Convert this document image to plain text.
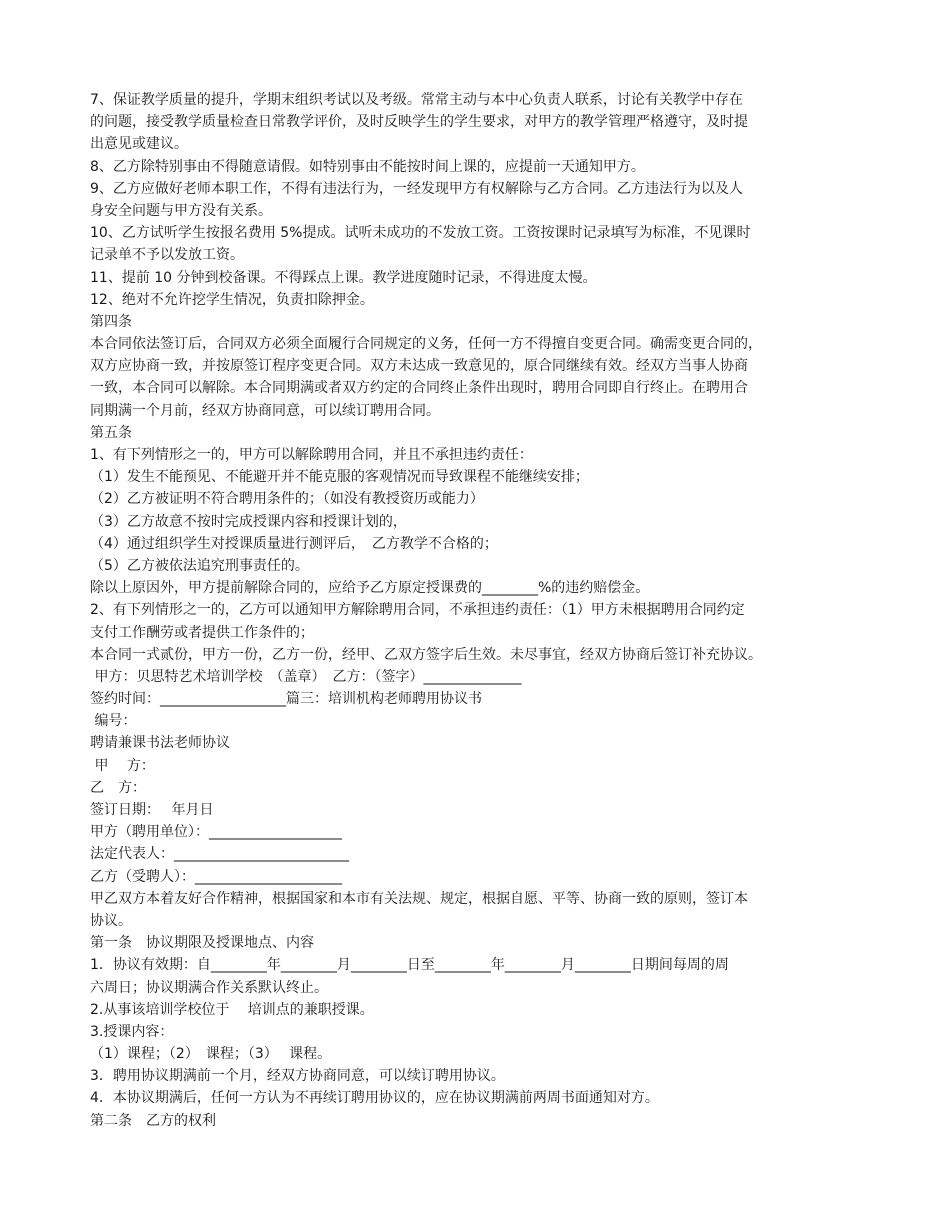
7、保证教学质量的提升，学期末组织考试以及考级。常常主动与本中心负责人联系，讨论有关教学中存在
的问题，接受教学质量检查日常教学评价，及时反映学生的学生要求，对甲方的教学管理严格遵守，及时提
出意见或建议。
8、乙方除特别事由不得随意请假。如特别事由不能按时间上课的，应提前一天通知甲方。
9、乙方应做好老师本职工作，不得有违法行为，一经发现甲方有权解除与乙方合同。乙方违法行为以及人
身安全问题与甲方没有关系。
10、乙方试听学生按报名费用 5%提成。试听未成功的不发放工资。工资按课时记录填写为标准，不见课时
记录单不予以发放工资。
11、提前 10 分钟到校备课。不得踩点上课。教学进度随时记录，不得进度太慢。
12、绝对不允许挖学生情况，负责扣除押金。
第四条
本合同依法签订后，合同双方必须全面履行合同规定的义务，任何一方不得擅自变更合同。确需变更合同的，
双方应协商一致，并按原签订程序变更合同。双方未达成一致意见的，原合同继续有效。经双方当事人协商
一致，本合同可以解除。本合同期满或者双方约定的合同终止条件出现时，聘用合同即自行终止。在聘用合
同期满一个月前，经双方协商同意，可以续订聘用合同。
第五条
1、有下列情形之一的，甲方可以解除聘用合同，并且不承担违约责任：
（1）发生不能预见、不能避开并不能克服的客观情况而导致课程不能继续安排；
（2）乙方被证明不符合聘用条件的；（如没有教授资历或能力）
（3）乙方故意不按时完成授课内容和授课计划的，
（4）通过组织学生对授课质量进行测评后，　乙方教学不合格的；
（5）乙方被依法追究刑事责任的。
除以上原因外，甲方提前解除合同的，应给予乙方原定授课费的________%的违约赔偿金。
2、有下列情形之一的，乙方可以通知甲方解除聘用合同，不承担违约责任：（1）甲方未根据聘用合同约定
支付工作酬劳或者提供工作条件的；
本合同一式贰份，甲方一份，乙方一份，经甲、乙双方签字后生效。未尽事宜，经双方协商后签订补充协议。
甲方：贝思特艺术培训学校　（盖章）　乙方：（签字）______________
签约时间：__________________篇三：培训机构老师聘用协议书
编号：
聘请兼课书法老师协议
甲　 方：
乙　方：
签订日期：　 年月日
甲方（聘用单位）：___________________
法定代表人：_________________________
乙方（受聘人）：_____________________
甲乙双方本着友好合作精神，根据国家和本市有关法规、规定，根据自愿、平等、协商一致的原则，签订本
协议。
第一条　协议期限及授课地点、内容
1．协议有效期：自________年________月________日至________年________月________日期间每周的周
六周日；协议期满合作关系默认终止。
2.从事该培训学校位于　 培训点的兼职授课。
3.授课内容：
（1）课程；（2）　课程；（3）　 课程。
3．聘用协议期满前一个月，经双方协商同意，可以续订聘用协议。
4．本协议期满后，任何一方认为不再续订聘用协议的，应在协议期满前两周书面通知对方。
第二条　乙方的权利
